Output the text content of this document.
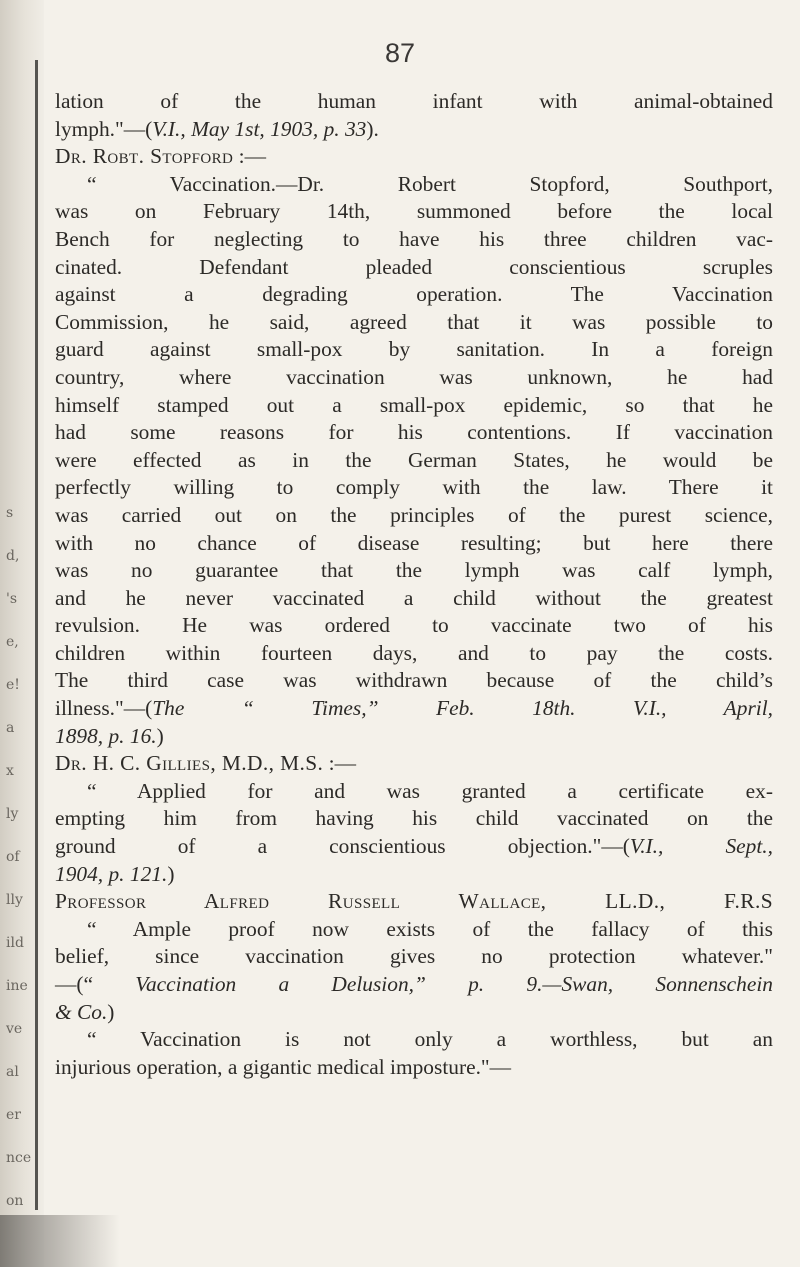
s
d,
's
e,
e!
a
x
ly
of
lly
ild
ine
ve
al
er
nce
on
87
lation of the human infant with animal-obtained
lymph."—(V.I., May 1st, 1903, p. 33).
Dr. Robt. Stopford :—
“ Vaccination.—Dr. Robert Stopford, Southport,
was on February 14th, summoned before the local
Bench for neglecting to have his three children vac-
cinated. Defendant pleaded conscientious scruples
against a degrading operation. The Vaccination
Commission, he said, agreed that it was possible to
guard against small-pox by sanitation. In a foreign
country, where vaccination was unknown, he had
himself stamped out a small-pox epidemic, so that he
had some reasons for his contentions. If vaccination
were effected as in the German States, he would be
perfectly willing to comply with the law. There it
was carried out on the principles of the purest science,
with no chance of disease resulting; but here there
was no guarantee that the lymph was calf lymph,
and he never vaccinated a child without the greatest
revulsion. He was ordered to vaccinate two of his
children within fourteen days, and to pay the costs.
The third case was withdrawn because of the child’s
illness."—(The “ Times,” Feb. 18th. V.I., April,
1898, p. 16.)
Dr. H. C. Gillies, M.D., M.S. :—
“ Applied for and was granted a certificate ex-
empting him from having his child vaccinated on the
ground of a conscientious objection."—(V.I., Sept.,
1904, p. 121.)
Professor Alfred Russell Wallace, LL.D., F.R.S
“ Ample proof now exists of the fallacy of this
belief, since vaccination gives no protection whatever."
—(“ Vaccination a Delusion,” p. 9.—Swan, Sonnenschein
& Co.)
“ Vaccination is not only a worthless, but an
injurious operation, a gigantic medical imposture."—
